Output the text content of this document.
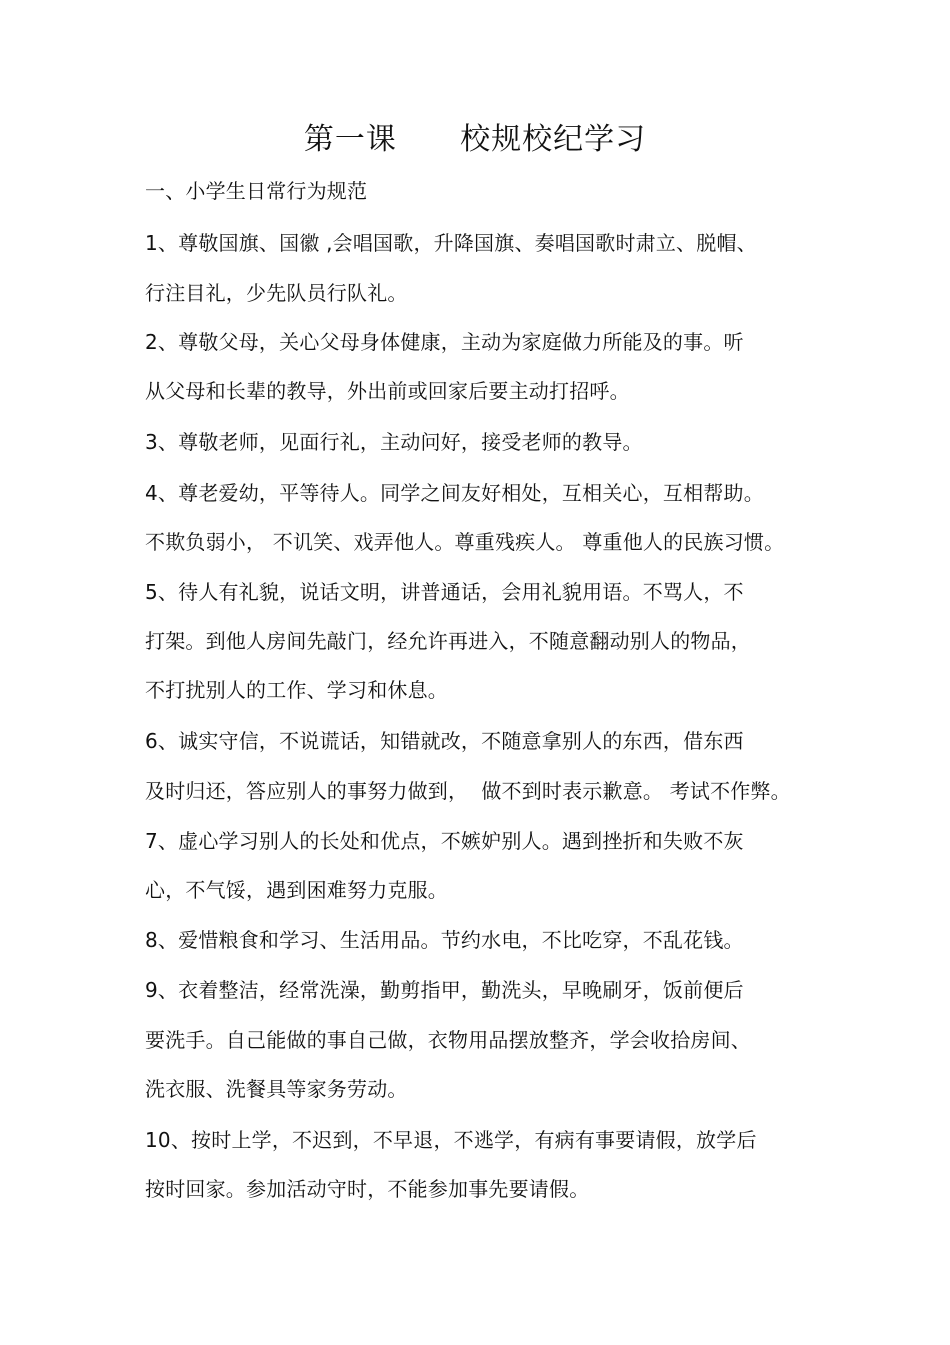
第一课      校规校纪学习
一、小学生日常行为规范
1、尊敬国旗、国徽 ,会唱国歌，升降国旗、奏唱国歌时肃立、脱帽、
行注目礼，少先队员行队礼。
2、尊敬父母，关心父母身体健康，主动为家庭做力所能及的事。听
从父母和长辈的教导，外出前或回家后要主动打招呼。
3、尊敬老师，见面行礼，主动问好，接受老师的教导。
4、尊老爱幼，平等待人。同学之间友好相处，互相关心，互相帮助。
不欺负弱小， 不讥笑、戏弄他人。尊重残疾人。 尊重他人的民族习惯。
5、待人有礼貌，说话文明，讲普通话，会用礼貌用语。不骂人，不
打架。到他人房间先敲门，经允许再进入，不随意翻动别人的物品，
不打扰别人的工作、学习和休息。
6、诚实守信，不说谎话，知错就改，不随意拿别人的东西，借东西
及时归还，答应别人的事努力做到，  做不到时表示歉意。 考试不作弊。
7、虚心学习别人的长处和优点，不嫉妒别人。遇到挫折和失败不灰
心，不气馁，遇到困难努力克服。
8、爱惜粮食和学习、生活用品。节约水电，不比吃穿，不乱花钱。
9、衣着整洁，经常洗澡，勤剪指甲，勤洗头，早晚刷牙，饭前便后
要洗手。自己能做的事自己做，衣物用品摆放整齐，学会收拾房间、
洗衣服、洗餐具等家务劳动。
10、按时上学，不迟到，不早退，不逃学，有病有事要请假，放学后
按时回家。参加活动守时，不能参加事先要请假。
